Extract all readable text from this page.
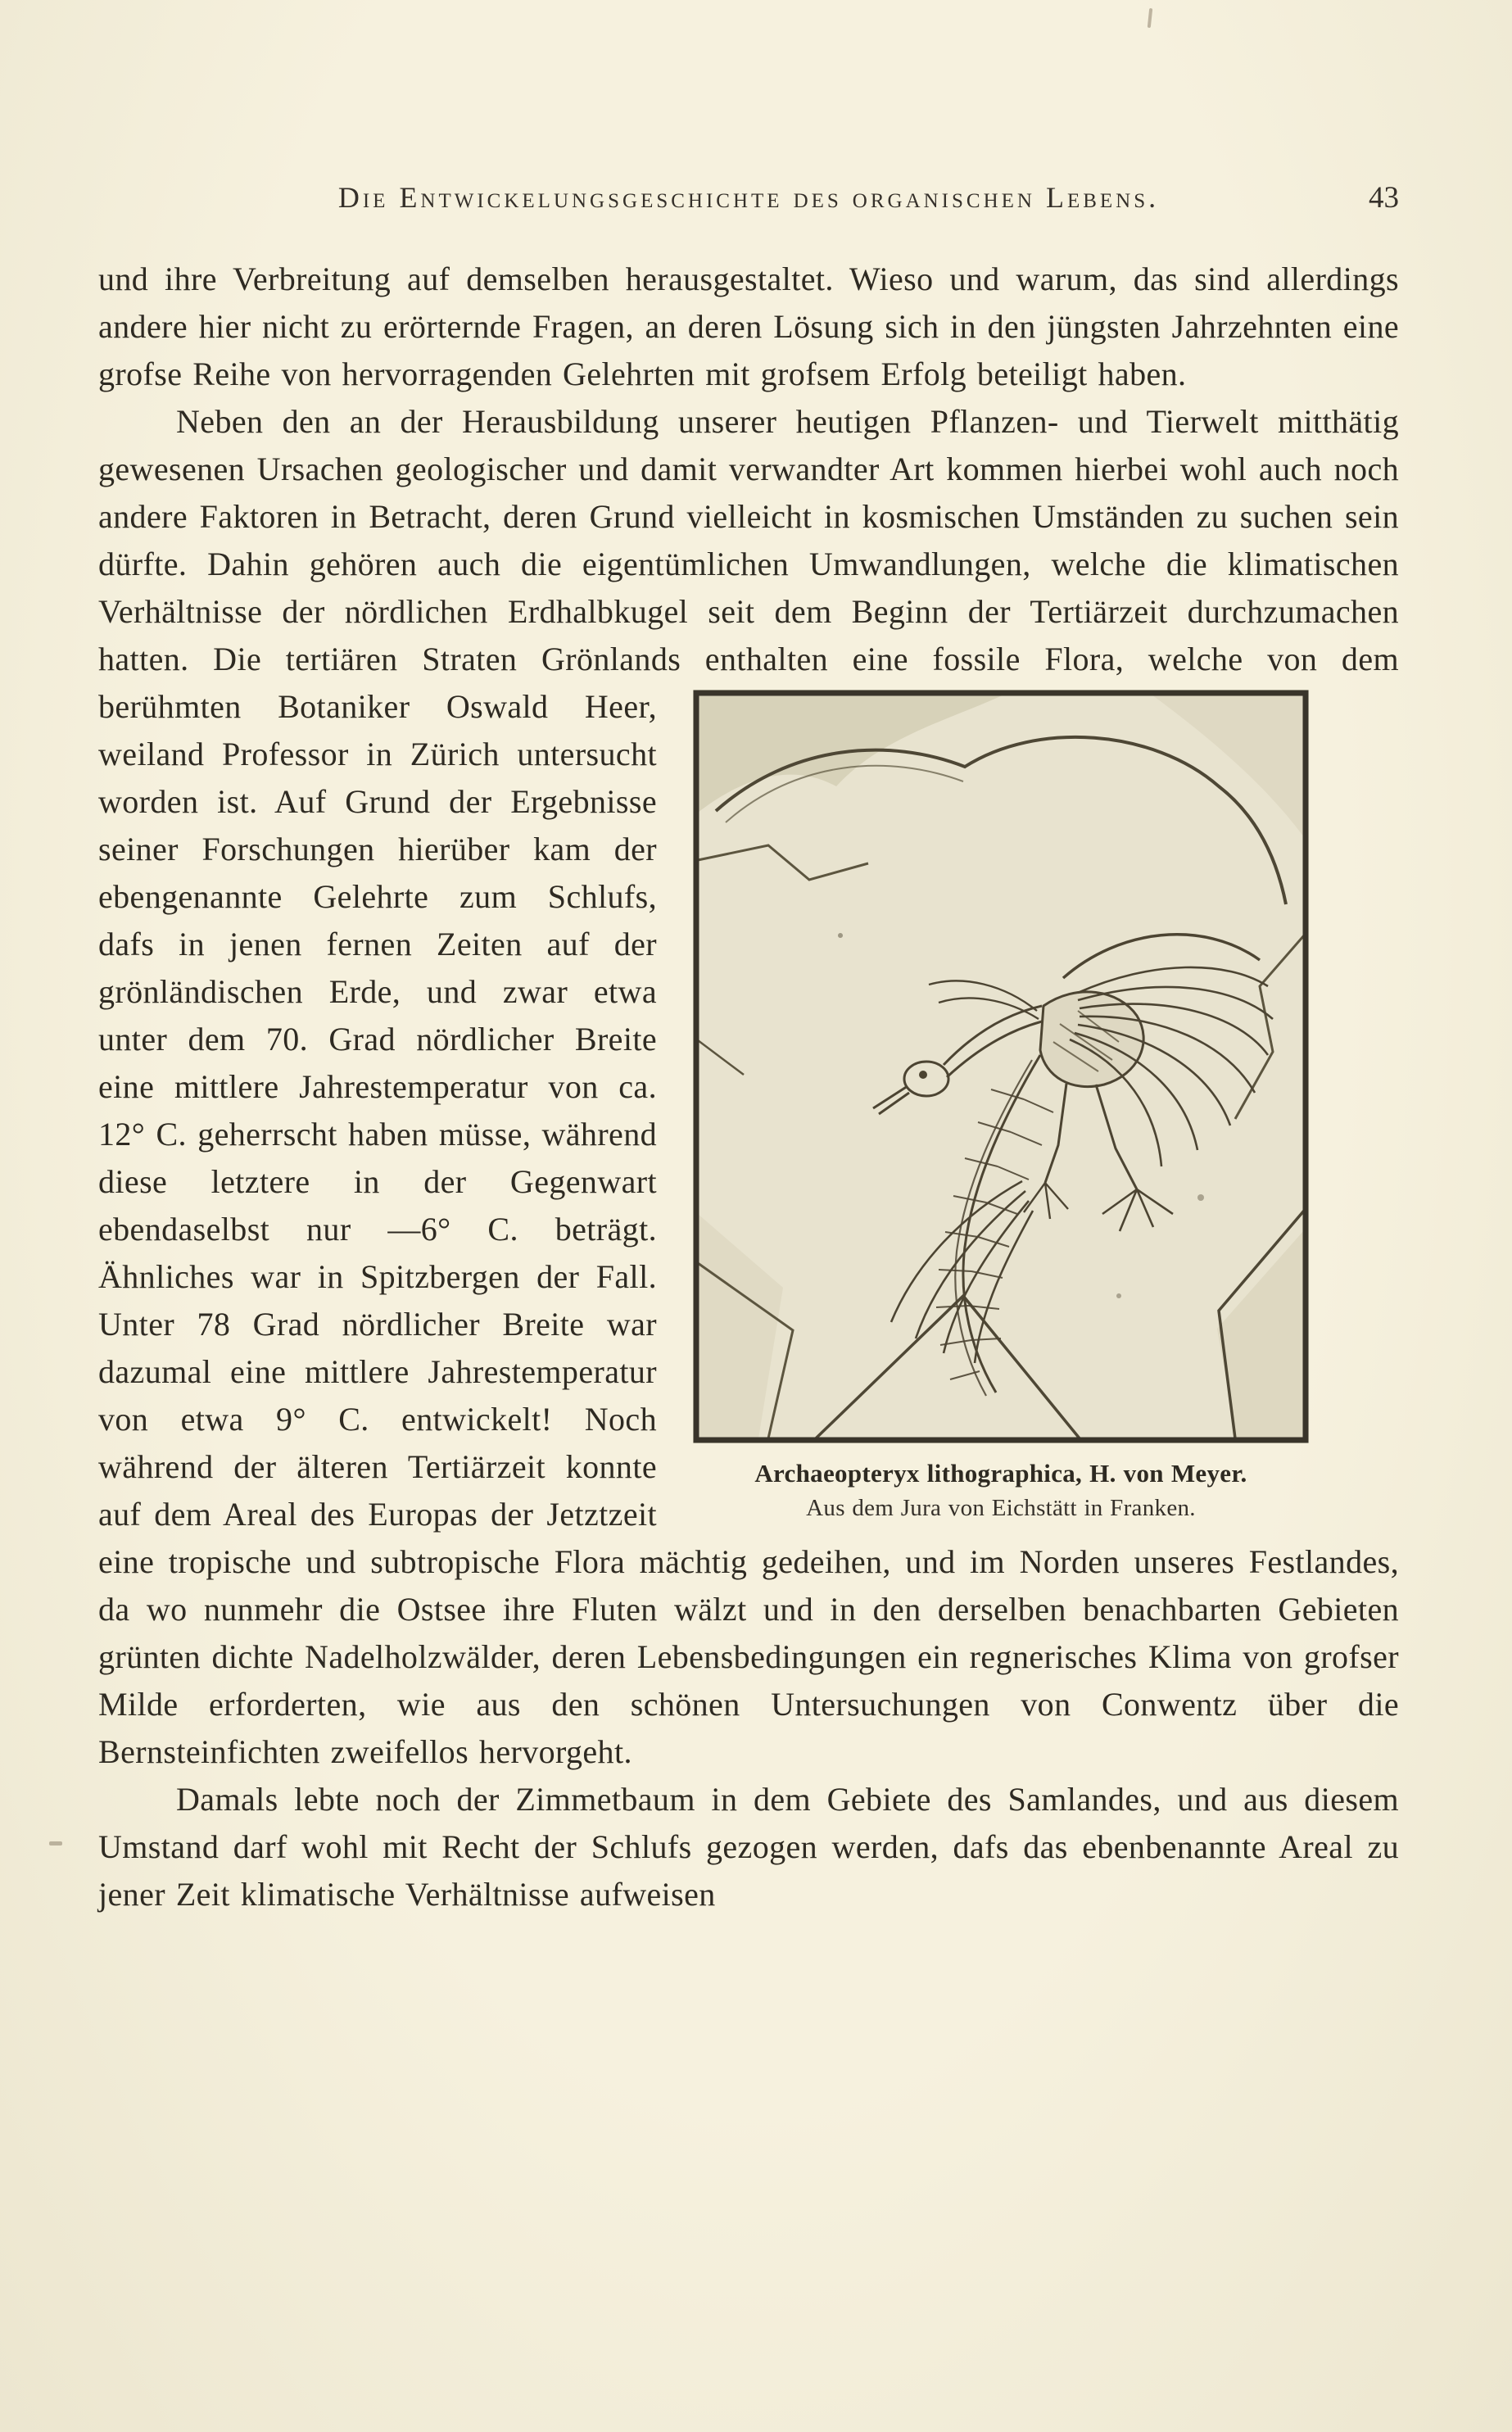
Die Entwickelungsgeschichte des organischen Lebens.	43
und ihre Verbreitung auf demselben herausgestaltet. Wieso und warum, das sind allerdings andere hier nicht zu erörternde Fragen, an deren Lösung sich in den jüngsten Jahrzehnten eine grofse Reihe von hervorragenden Gelehrten mit grofsem Erfolg beteiligt haben.
Neben den an der Herausbildung unserer heutigen Pflanzen- und Tierwelt mitthätig gewesenen Ursachen geologischer und damit verwandter Art kommen hierbei wohl auch noch andere Faktoren in Betracht, deren Grund vielleicht in kosmischen Umständen zu suchen sein dürfte. Dahin gehören auch die eigentümlichen Umwandlungen, welche die klimatischen Verhältnisse der nördlichen Erdhalbkugel seit dem Beginn der Tertiärzeit durchzumachen hatten. Die tertiären Straten Grönlands enthalten eine fossile Flora, welche von dem
Archaeopteryx lithographica, H. von Meyer.
Aus dem Jura von Eichstätt in Franken.
berühmten Botaniker Oswald Heer, weiland Professor in Zürich untersucht worden ist. Auf Grund der Ergebnisse seiner Forschungen hierüber kam der ebengenannte Gelehrte zum Schlufs, dafs in jenen fernen Zeiten auf der grönländischen Erde, und zwar etwa unter dem 70. Grad nördlicher Breite eine mittlere Jahrestemperatur von ca. 12° C. geherrscht haben müsse, während diese letztere in der Gegenwart ebendaselbst nur —6° C. beträgt. Ähnliches war in Spitzbergen der Fall. Unter 78 Grad nördlicher Breite war dazumal eine mittlere Jahrestemperatur von etwa 9° C. entwickelt! Noch während der älteren Tertiärzeit konnte auf dem Areal des Europas der Jetztzeit eine tropische und subtropische Flora mächtig gedeihen, und im Norden unseres Festlandes, da wo nunmehr die Ostsee ihre Fluten wälzt und in den derselben benachbarten Gebieten grünten dichte Nadelholzwälder, deren Lebensbedingungen ein regnerisches Klima von grofser Milde erforderten, wie aus den schönen Untersuchungen von Conwentz über die Bernsteinfichten zweifellos hervorgeht.
Damals lebte noch der Zimmetbaum in dem Gebiete des Samlandes, und aus diesem Umstand darf wohl mit Recht der Schlufs gezogen werden, dafs das ebenbenannte Areal zu jener Zeit klimatische Verhältnisse aufweisen
